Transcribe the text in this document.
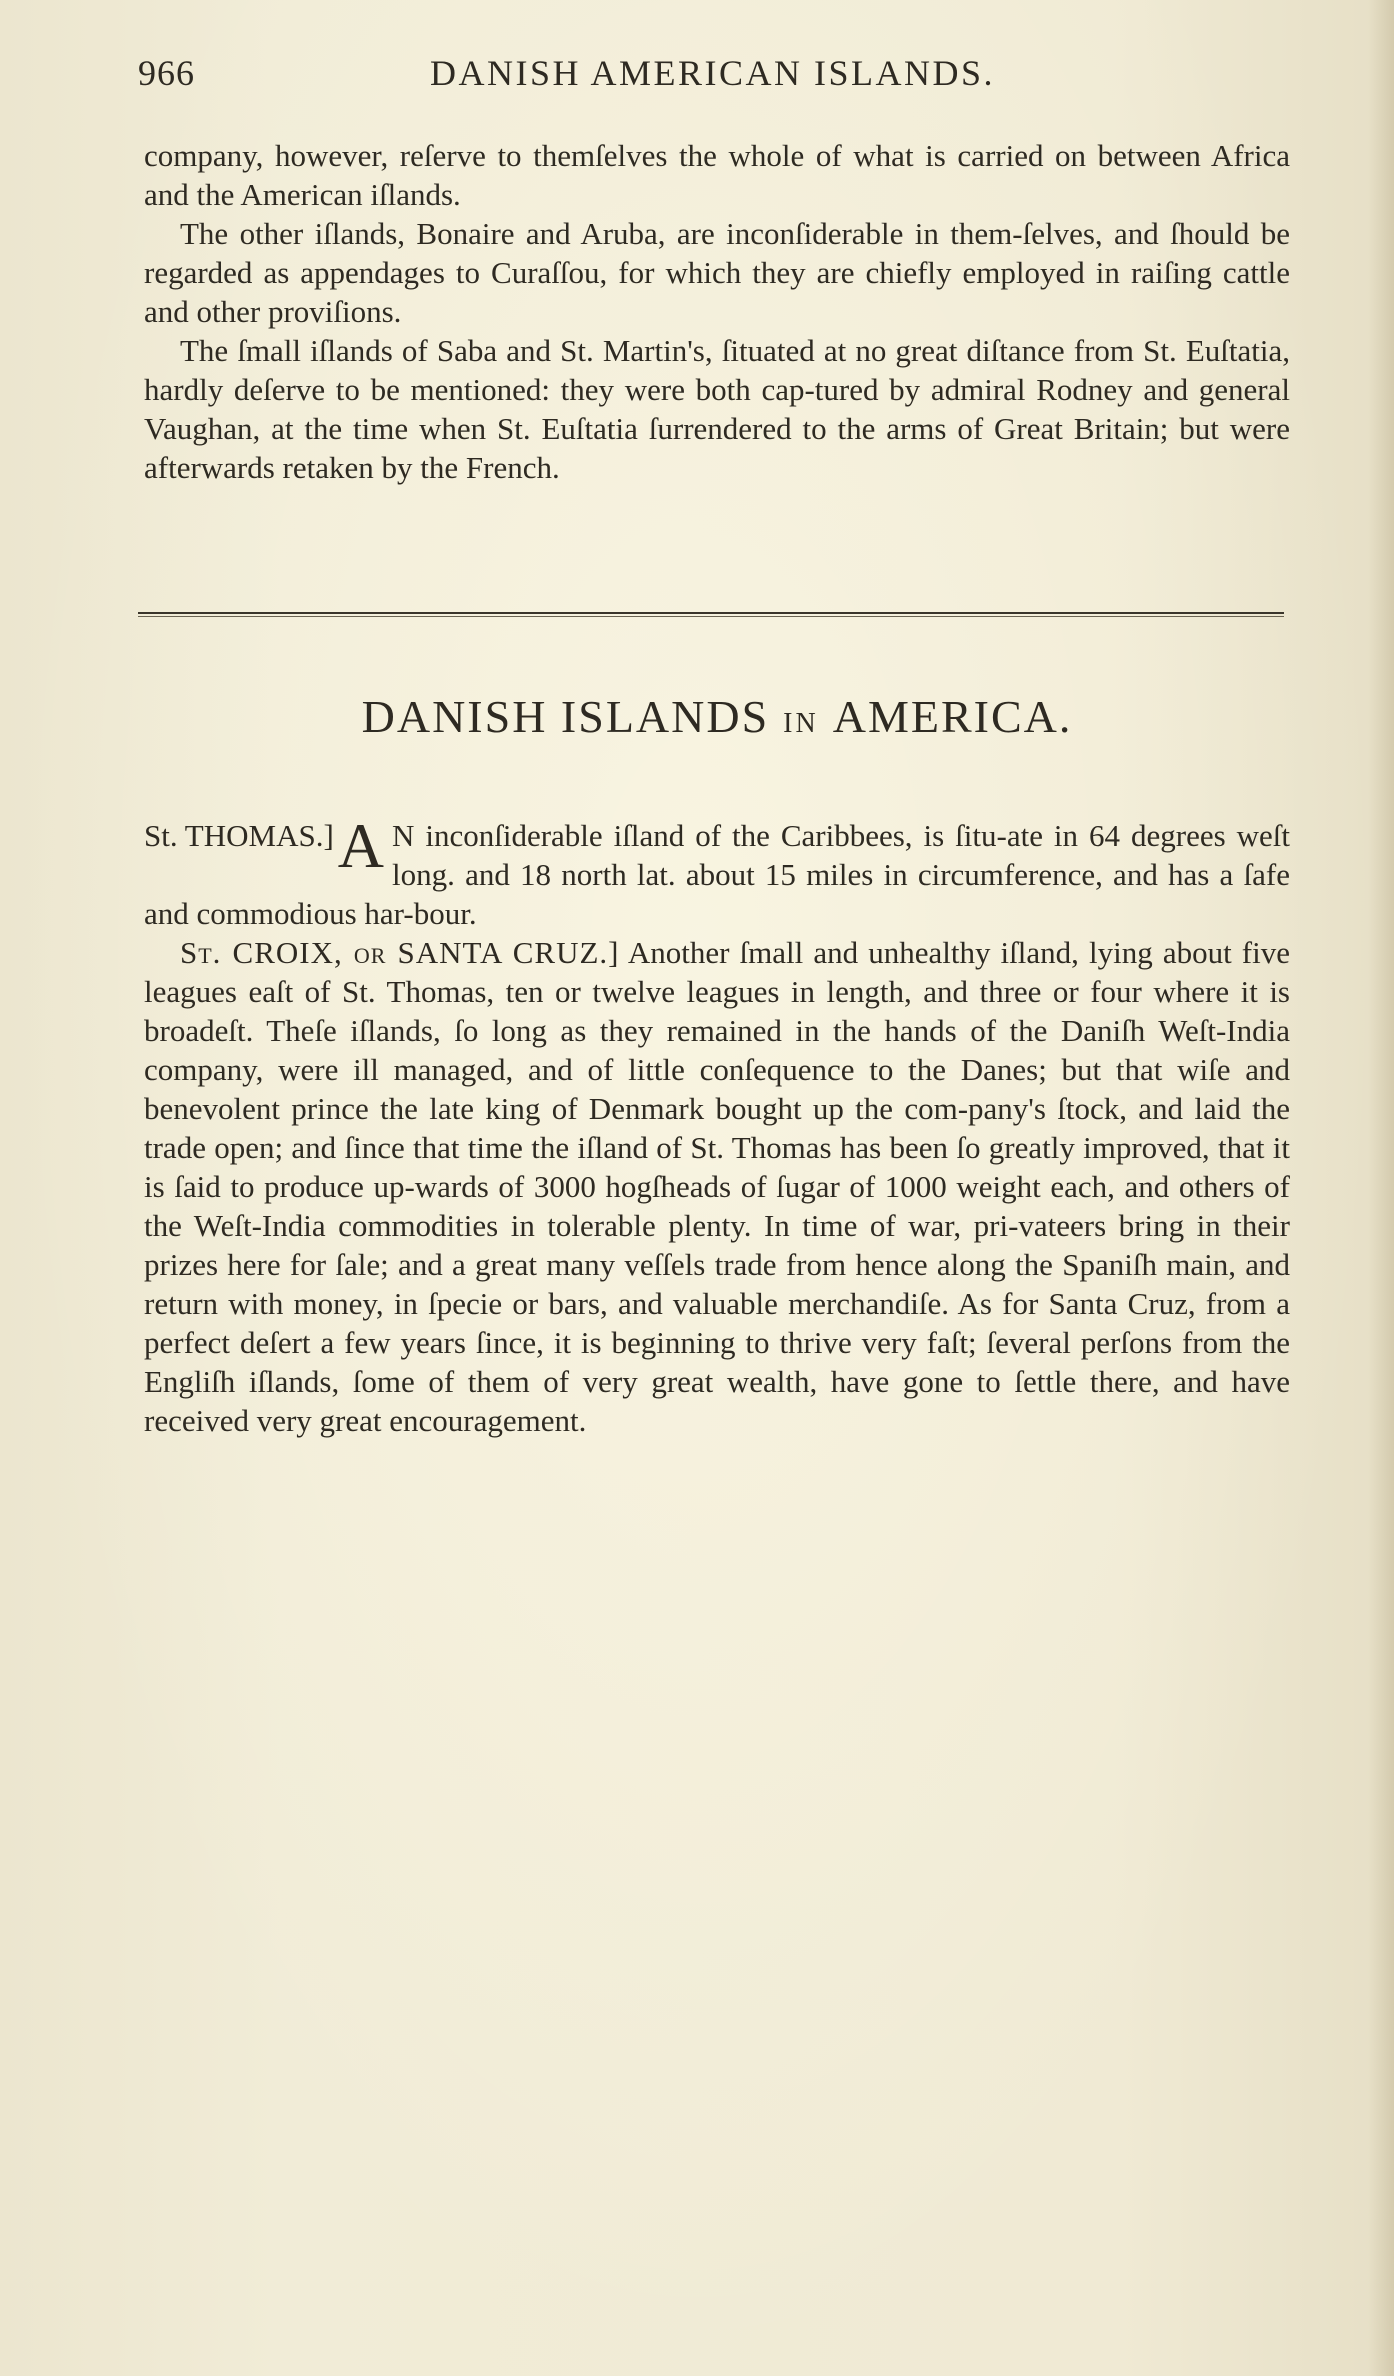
966	DANISH AMERICAN ISLANDS.

company, however, reſerve to themſelves the whole of what is carried on between Africa and the American iſlands.

The other iſlands, Bonaire and Aruba, are inconſiderable in them-ſelves, and ſhould be regarded as appendages to Curaſſou, for which they are chiefly employed in raiſing cattle and other proviſions.

The ſmall iſlands of Saba and St. Martin's, ſituated at no great diſtance from St. Euſtatia, hardly deſerve to be mentioned: they were both cap-tured by admiral Rodney and general Vaughan, at the time when St. Euſtatia ſurrendered to the arms of Great Britain; but were afterwards retaken by the French.

DANISH ISLANDS IN AMERICA.

St. THOMAS.] A N inconſiderable iſland of the Caribbees, is ſitu-ate in 64 degrees weſt long. and 18 north lat. about 15 miles in circumference, and has a ſafe and commodious har-bour.

St. CROIX, or SANTA CRUZ.] Another ſmall and unhealthy iſland, lying about five leagues eaſt of St. Thomas, ten or twelve leagues in length, and three or four where it is broadeſt. Theſe iſlands, ſo long as they remained in the hands of the Daniſh Weſt-India company, were ill managed, and of little conſequence to the Danes; but that wiſe and benevolent prince the late king of Denmark bought up the com-pany's ſtock, and laid the trade open; and ſince that time the iſland of St. Thomas has been ſo greatly improved, that it is ſaid to produce up-wards of 3000 hogſheads of ſugar of 1000 weight each, and others of the Weſt-India commodities in tolerable plenty. In time of war, pri-vateers bring in their prizes here for ſale; and a great many veſſels trade from hence along the Spaniſh main, and return with money, in ſpecie or bars, and valuable merchandiſe. As for Santa Cruz, from a perfect deſert a few years ſince, it is beginning to thrive very faſt; ſeveral perſons from the Engliſh iſlands, ſome of them of very great wealth, have gone to ſettle there, and have received very great encouragement.
